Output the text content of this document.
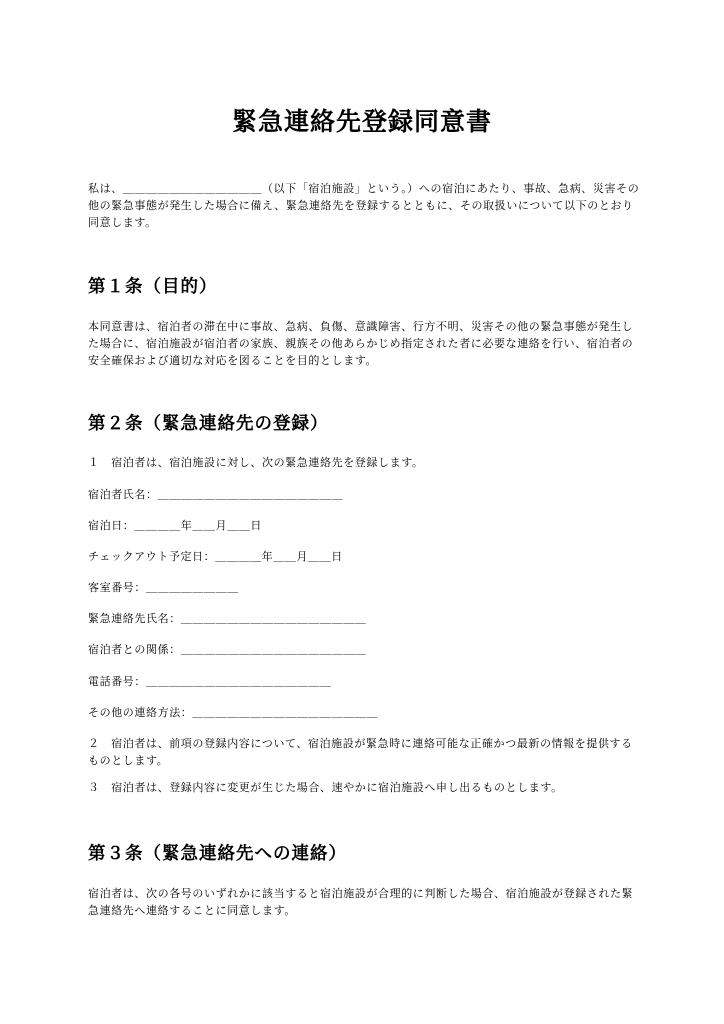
緊急連絡先登録同意書

私は、＿＿＿＿＿＿＿＿＿＿＿＿（以下「宿泊施設」という。）への宿泊にあたり、事故、急病、災害その他の緊急事態が発生した場合に備え、緊急連絡先を登録するとともに、その取扱いについて以下のとおり同意します。

第１条（目的）

本同意書は、宿泊者の滞在中に事故、急病、負傷、意識障害、行方不明、災害その他の緊急事態が発生した場合に、宿泊施設が宿泊者の家族、親族その他あらかじめ指定された者に必要な連絡を行い、宿泊者の安全確保および適切な対応を図ることを目的とします。

第２条（緊急連絡先の登録）

１　宿泊者は、宿泊施設に対し、次の緊急連絡先を登録します。

宿泊者氏名：＿＿＿＿＿＿＿＿＿＿＿＿＿＿＿＿

宿泊日：＿＿＿＿年＿＿月＿＿日

チェックアウト予定日：＿＿＿＿年＿＿月＿＿日

客室番号：＿＿＿＿＿＿＿＿

緊急連絡先氏名：＿＿＿＿＿＿＿＿＿＿＿＿＿＿＿＿

宿泊者との関係：＿＿＿＿＿＿＿＿＿＿＿＿＿＿＿＿

電話番号：＿＿＿＿＿＿＿＿＿＿＿＿＿＿＿＿

その他の連絡方法：＿＿＿＿＿＿＿＿＿＿＿＿＿＿＿＿

２　宿泊者は、前項の登録内容について、宿泊施設が緊急時に連絡可能な正確かつ最新の情報を提供するものとします。

３　宿泊者は、登録内容に変更が生じた場合、速やかに宿泊施設へ申し出るものとします。

第３条（緊急連絡先への連絡）

宿泊者は、次の各号のいずれかに該当すると宿泊施設が合理的に判断した場合、宿泊施設が登録された緊急連絡先へ連絡することに同意します。
